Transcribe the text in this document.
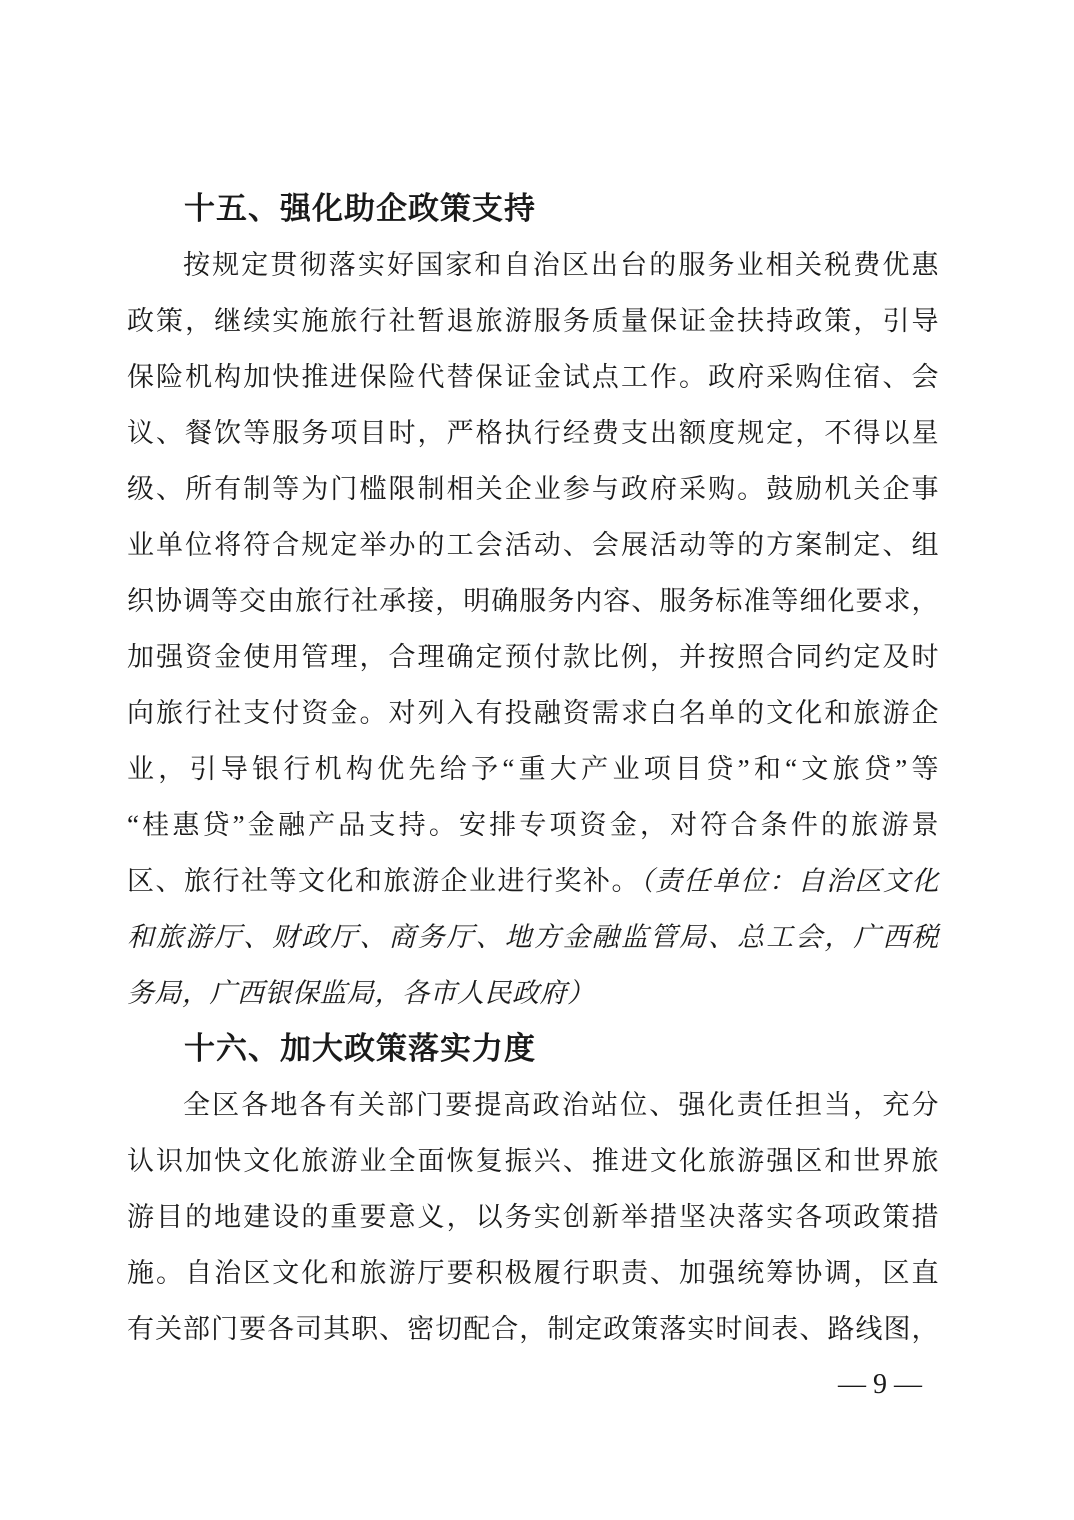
十五、强化助企政策支持
按规定贯彻落实好国家和自治区出台的服务业相关税费优惠
政策，继续实施旅行社暂退旅游服务质量保证金扶持政策，引导
保险机构加快推进保险代替保证金试点工作。政府采购住宿、会
议、餐饮等服务项目时，严格执行经费支出额度规定，不得以星
级、所有制等为门槛限制相关企业参与政府采购。鼓励机关企事
业单位将符合规定举办的工会活动、会展活动等的方案制定、组
织协调等交由旅行社承接，明确服务内容、服务标准等细化要求，
加强资金使用管理，合理确定预付款比例，并按照合同约定及时
向旅行社支付资金。对列入有投融资需求白名单的文化和旅游企
业，引导银行机构优先给予“重大产业项目贷”和“文旅贷”等
“桂惠贷”金融产品支持。安排专项资金，对符合条件的旅游景
区、旅行社等文化和旅游企业进行奖补。（责任单位：自治区文化
和旅游厅、财政厅、商务厅、地方金融监管局、总工会，广西税
务局，广西银保监局，各市人民政府）
十六、加大政策落实力度
全区各地各有关部门要提高政治站位、强化责任担当，充分
认识加快文化旅游业全面恢复振兴、推进文化旅游强区和世界旅
游目的地建设的重要意义，以务实创新举措坚决落实各项政策措
施。自治区文化和旅游厅要积极履行职责、加强统筹协调，区直
有关部门要各司其职、密切配合，制定政策落实时间表、路线图，
— 9 —
